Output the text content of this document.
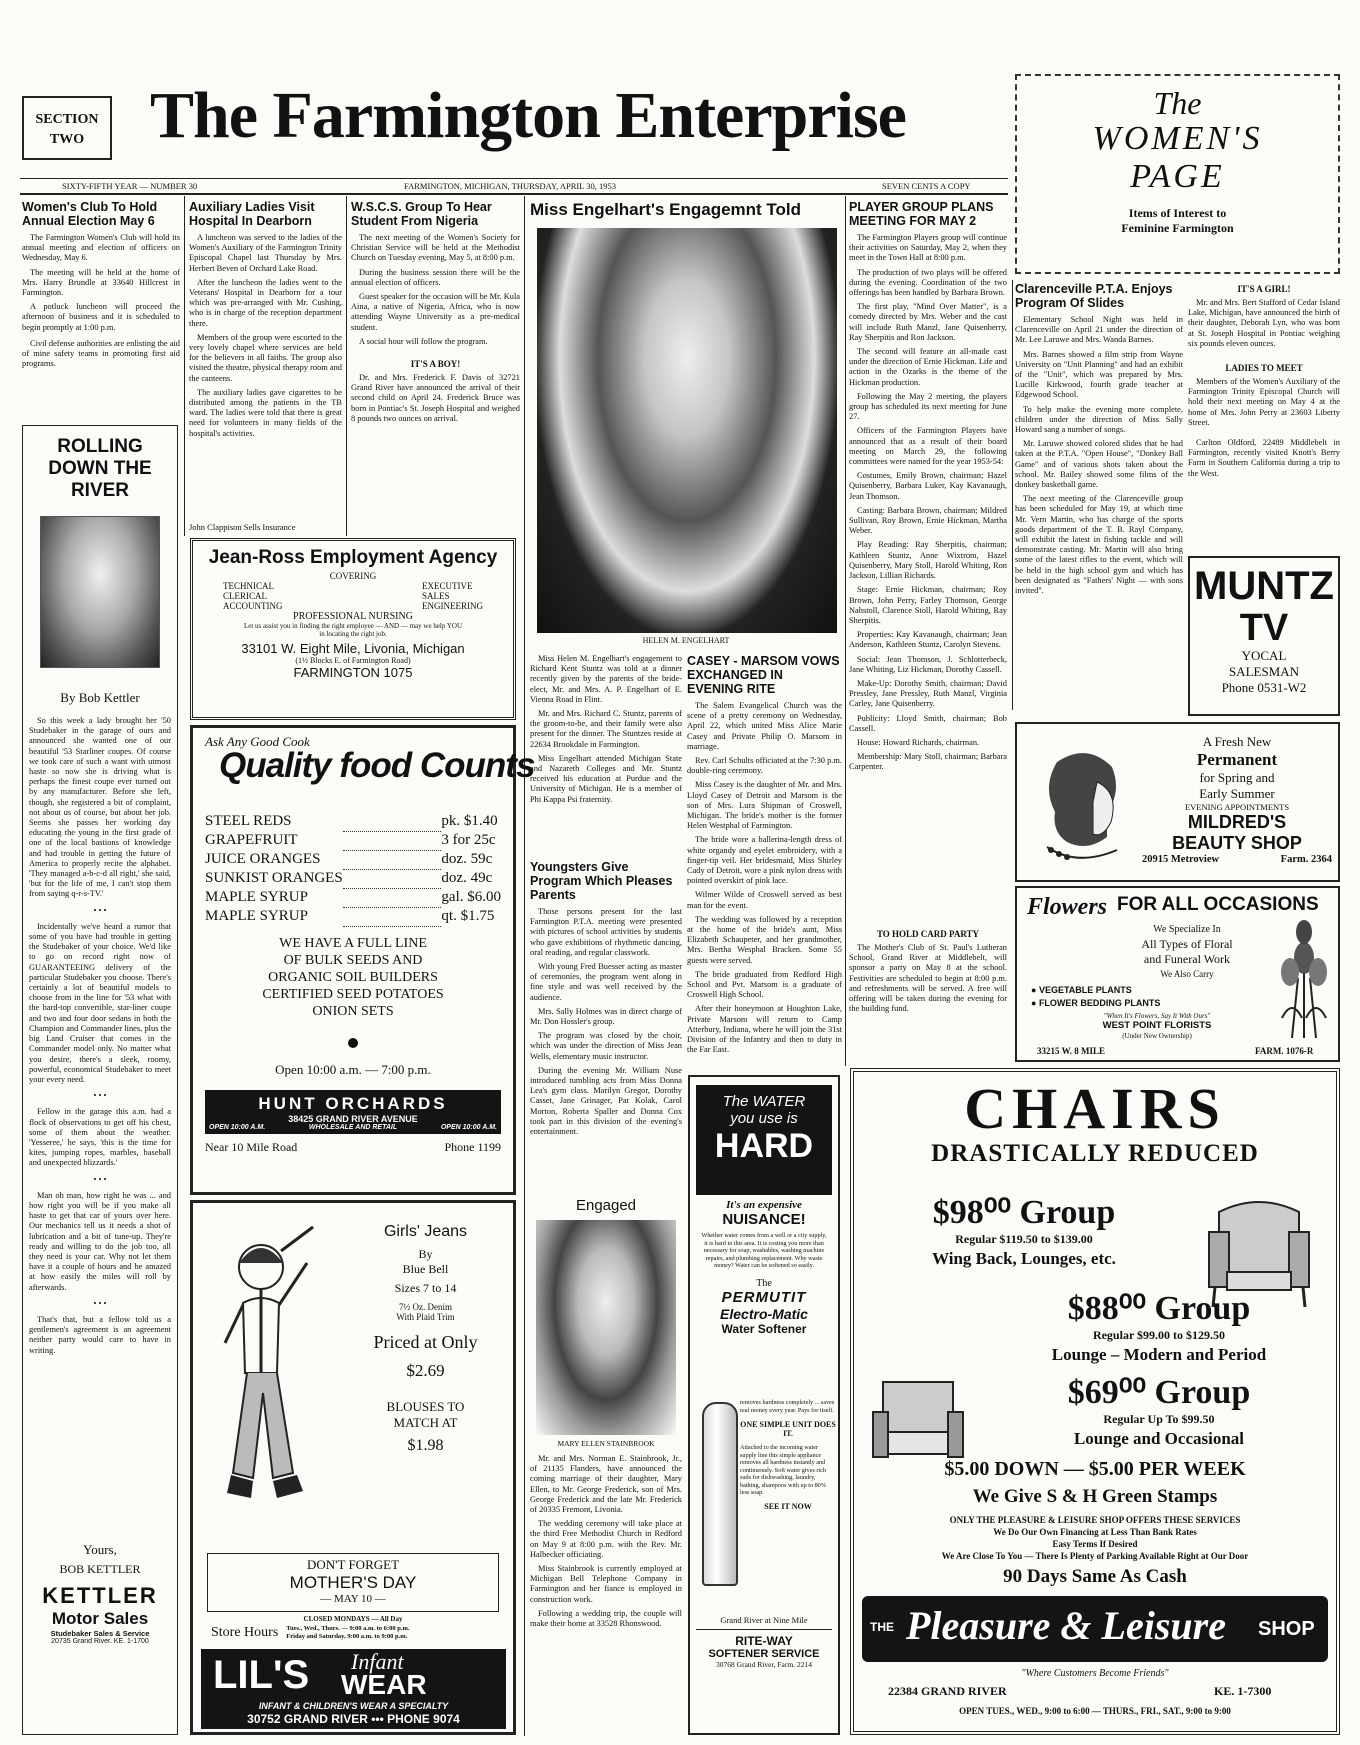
SECTION
TWO The Farmington Enterprise
SIXTY-FIFTH YEAR — NUMBER 30	FARMINGTON, MICHIGAN, THURSDAY, APRIL 30, 1953	SEVEN CENTS A COPY
The
WOMEN'S
PAGE
Items of Interest to
Feminine Farmington
Women's Club To Hold Annual Election May 6

The Farmington Women's Club will hold its annual meeting and election of officers on Wednesday, May 6.

The meeting will be held at the home of Mrs. Harry Brundle at 33640 Hillcrest in Farmington.

A potluck luncheon will proceed the afternoon of business and it is scheduled to begin promptly at 1:00 p.m.

Civil defense authorities are enlisting the aid of mine safety teams in promoting first aid programs.

ROLLING
DOWN THE
RIVER
By Bob Kettler

So this week a lady brought her '50 Studebaker in the garage of ours and announced she wanted one of our beautiful '53 Starliner coupes. Of course we took care of such a want with utmost haste so now she is driving what is perhaps the finest coupe ever turned out by any manufacturer. Before she left, though, she registered a bit of complaint, not about us of course, but about her job. Seems she passes her working day educating the young in the first grade of one of the local bastions of knowledge and had trouble in getting the future of America to properly recite the alphabet. 'They managed a-b-c-d all right,' she said, 'but for the life of me, I can't stop them from saying q-r-s-TV.'

• • •

Incidentally we've heard a rumor that some of you have had trouble in getting the Studebaker of your choice. We'd like to go on record right now of GUARANTEEING delivery of the particular Studebaker you choose. There's certainly a lot of beautiful models to choose from in the line for '53 what with the hard-top convertible, star-liner coupe and two and four door sedans in both the Champion and Commander lines, plus the big Land Cruiser that comes in the Commander model only. No matter what you desire, there's a sleek, roomy, powerful, economical Studebaker to meet your every need.

• • •

Fellow in the garage this a.m. had a flock of observations to get off his chest, some of them about the weather. 'Yesseree,' he says, 'this is the time for kites, jumping ropes, marbles, baseball and unexpected blizzards.'

• • •

Man oh man, how right he was ... and how right you will be if you make all haste to get that car of yours over here. Our mechanics tell us it needs a shot of lubrication and a bit of tune-up. They're ready and willing to do the job too, all they need is your car. Why not let them have it a couple of hours and be amazed at how easily the miles will roll by afterwards.

• • •

That's that, but a fellow told us a gentlemen's agreement is an agreement neither party would care to have in writing.

Yours,
BOB KETTLER
KETTLER
Motor Sales
Studebaker Sales & Service
20735 Grand River. KE. 1-1700
Auxiliary Ladies Visit Hospital In Dearborn

A luncheon was served to the ladies of the Women's Auxiliary of the Farmington Trinity Episcopal Chapel last Thursday by Mrs. Herbert Beven of Orchard Lake Road.

After the luncheon the ladies went to the Veterans' Hospital in Dearborn for a tour which was pre-arranged with Mr. Cushing, who is in charge of the reception department there.

Members of the group were escorted to the very lovely chapel where services are held for the believers in all faiths. The group also visited the theatre, physical therapy room and the canteens.

The auxiliary ladies gave cigarettes to be distributed among the patients in the TB ward. The ladies were told that there is great need for volunteers in many fields of the hospital's activities.

John Clappison Sells Insurance
W.S.C.S. Group To Hear Student From Nigeria

The next meeting of the Women's Society for Christian Service will be held at the Methodist Church on Tuesday evening, May 5, at 8:00 p.m.

During the business session there will be the annual election of officers.

Guest speaker for the occasion will be Mr. Kula Aina, a native of Nigeria, Africa, who is now attending Wayne University as a pre-medical student.

A social hour will follow the program.

IT'S A BOY!

Dr. and Mrs. Frederick F. Davis of 32721 Grand River have announced the arrival of their second child on April 24. Frederick Bruce was born in Pontiac's St. Joseph Hospital and weighed 8 pounds two ounces on arrival.

Jean-Ross Employment Agency
COVERING
TECHNICAL
CLERICAL
ACCOUNTING
EXECUTIVE
SALES
ENGINEERING
PROFESSIONAL NURSING
Let us assist you in finding the right employee — AND — may we help YOU in locating the right job.
33101 W. Eight Mile, Livonia, Michigan
(1½ Blocks E. of Farmington Road)
FARMINGTON 1075
Ask Any Good Cook
Quality food Counts
STEEL REDS		pk. $1.40
GRAPEFRUIT		3 for 25c
JUICE ORANGES		doz. 59c
SUNKIST ORANGES		doz. 49c
MAPLE SYRUP		gal. $6.00
MAPLE SYRUP		qt. $1.75
WE HAVE A FULL LINE
OF BULK SEEDS AND
ORGANIC SOIL BUILDERS
CERTIFIED SEED POTATOES
ONION SETS
Open 10:00 a.m. — 7:00 p.m.
HUNT ORCHARDS
38425 GRAND RIVER AVENUE
OPEN 10:00 A.M.	WHOLESALE AND RETAIL	OPEN 10:00 A.M.
Near 10 Mile Road	Phone 1199
Girls' Jeans
By
Blue Bell
Sizes 7 to 14
7½ Oz. Denim
With Plaid Trim
Priced at Only
$2.69
BLOUSES TO MATCH AT
$1.98
DON'T FORGET
MOTHER'S DAY
— MAY 10 —
CLOSED MONDAYS — All Day
Store Hours Tues., Wed., Thurs. — 9:00 a.m. to 6:00 p.m.
Friday and Saturday, 9:00 a.m. to 9:00 p.m.
LIL'S Infant
WEAR
INFANT & CHILDREN'S WEAR A SPECIALTY
30752 GRAND RIVER ••• PHONE 9074
Miss Engelhart's Engagemnt Told
HELEN M. ENGELHART

Miss Helen M. Engelhart's engagement to Richard Kent Stuntz was told at a dinner recently given by the parents of the bride-elect, Mr. and Mrs. A. P. Engelhart of E. Vienna Road in Flint.

Mr. and Mrs. Richard C. Stuntz, parents of the groom-to-be, and their family were also present for the dinner. The Stuntzes reside at 22634 Brookdale in Farmington.

Miss Engelhart attended Michigan State and Nazareth Colleges and Mr. Stuntz received his education at Purdue and the University of Michigan. He is a member of Phi Kappa Psi fraternity.

Youngsters Give Program Which Pleases Parents

Those persons present for the last Farmington P.T.A. meeting were presented with pictures of school activities by students who gave exhibitions of rhythmetic dancing, oral reading, and regular classwork.

With young Fred Buesser acting as master of ceremonies, the program went along in fine style and was well received by the audience.

Mrs. Sally Holmes was in direct charge of Mr. Don Hossler's group.

The program was closed by the choir, which was under the direction of Miss Jean Wells, elementary music instructor.

During the evening Mr. William Nuse introduced tumbling acts from Miss Donna Lea's gym class. Marilyn Gregor, Dorothy Casset, Jane Grinager, Pat Kolak, Carol Morton, Roberta Spaller and Donna Cox took part in this division of the evening's entertainment.

Engaged
MARY ELLEN STAINBROOK

Mr. and Mrs. Norman E. Stainbrook, Jr., of 21135 Flanders, have announced the coming marriage of their daughter, Mary Ellen, to Mr. George Frederick, son of Mrs. George Frederick and the late Mr. Frederick of 20335 Fremont, Livonia.

The wedding ceremony will take place at the third Free Methodist Church in Redford on May 9 at 8:00 p.m. with the Rev. Mr. Halbecker officiating.

Miss Stainbrook is currently employed at Michigan Bell Telephone Company in Farmington and her fiance is employed in construction work.

Following a wedding trip, the couple will make their home at 33528 Rhonswood.

CASEY - MARSOM VOWS EXCHANGED IN EVENING RITE

The Salem Evangelical Church was the scene of a pretty ceremony on Wednesday, April 22, which united Miss Alice Marie Casey and Private Philip O. Marsom in marriage.

Rev. Carl Schults officiated at the 7:30 p.m. double-ring ceremony.

Miss Casey is the daughter of Mr. and Mrs. Lloyd Casey of Detroit and Marsom is the son of Mrs. Lura Shipman of Croswell, Michigan. The bride's mother is the former Helen Westphal of Farmington.

The bride wore a ballerina-length dress of white organdy and eyelet embroidery, with a finger-tip veil. Her bridesmaid, Miss Shirley Cady of Detroit, wore a pink nylon dress with pointed overskirt of pink lace.

Wilmer Wilde of Croswell served as best man for the event.

The wedding was followed by a reception at the home of the bride's aunt, Miss Elizabeth Schaupeter, and her grandmother, Mrs. Bertha Wesphal Bracken. Some 55 guests were served.

The bride graduated from Redford High School and Pvt. Marsom is a graduate of Croswell High School.

After their honeymoon at Houghton Lake, Private Marsom will return to Camp Atterbury, Indiana, where he will join the 31st Division of the Infantry and then to duty in the Far East.

The WATER
you use is
HARD
It's an expensive
NUISANCE!
Whether water comes from a well or a city supply, it is hard in this area. It is costing you more than necessary for soap, washables, washing machine repairs, and plumbing replacement. Why waste money? Water can be softened so easily.
The
PERMUTIT
Electro-Matic
Water Softener
removes hardness completely ... saves real money every year. Pays for itself.
ONE SIMPLE UNIT DOES IT.
Attached to the incoming water supply line this simple appliance removes all hardness instantly and continuously. Soft water gives rich suds for dishwashing, laundry, bathing, shampoos with up to 80% less soap.
SEE IT NOW
Grand River at Nine Mile
RITE-WAY
SOFTENER SERVICE
30768 Grand River, Farm. 2214
PLAYER GROUP PLANS MEETING FOR MAY 2

The Farmington Players group will continue their activities on Saturday, May 2, when they meet in the Town Hall at 8:00 p.m.

The production of two plays will be offered during the evening. Coordination of the two offerings has been handled by Barbara Brown.

The first play, "Mind Over Matter", is a comedy directed by Mrs. Weber and the cast will include Ruth Manzl, Jane Quisenberry, Ray Sherpitis and Ron Jackson.

The second will feature an all-made cast under the direction of Ernie Hickman. Life and action in the Ozarks is the theme of the Hickman production.

Following the May 2 meeting, the players group has scheduled its next meeting for June 27.

Officers of the Farmington Players have announced that as a result of their board meeting on March 29, the following committees were named for the year 1953-54:

Costumes, Emily Brown, chairman; Hazel Quisenberry, Barbara Luker, Kay Kavanaugh, Jean Thomson.

Casting: Barbara Brown, chairman; Mildred Sullivan, Roy Brown, Ernie Hickman, Martha Weber.

Play Reading: Ray Sherpitis, chairman; Kathleen Stuntz, Anne Wixtrom, Hazel Quisenberry, Mary Stoll, Harold Whiting, Ron Jackson, Lillian Richards.

Stage: Ernie Hickman, chairman; Roy Brown, John Perry, Farley Thomson, George Nahstoll, Clarence Stoll, Harold Whiting, Ray Sherpitis.

Properties: Kay Kavanaugh, chairman; Jean Anderson, Kathleen Stuntz, Carolyn Stevens.

Social: Jean Thomson, J. Schlotterbeck, Jane Whiting, Liz Hickman, Dorothy Cassell.

Make-Up: Dorothy Smith, chairman; David Pressley, Jane Pressley, Ruth Manzl, Virginia Carley, Jane Quisenberry.

Publicity: Lloyd Smith, chairman; Bob Cassell.

House: Howard Richards, chairman.

Membership: Mary Stoll, chairman; Barbara Carpenter.

TO HOLD CARD PARTY

The Mother's Club of St. Paul's Lutheran School, Grand River at Middlebelt, will sponsor a party on May 8 at the school. Festivities are scheduled to begin at 8:00 p.m. and refreshments will be served. A free will offering will be taken during the evening for the building fund.

Clarenceville P.T.A. Enjoys Program Of Slides

Elementary School Night was held in Clarenceville on April 21 under the direction of Mr. Lee Laruwe and Mrs. Wanda Barnes.

Mrs. Barnes showed a film strip from Wayne University on "Unit Planning" and had an exhibit of the "Unit", which was prepared by Mrs. Lucille Kirkwood, fourth grade teacher at Edgewood School.

To help make the evening more complete, children under the direction of Miss Sally Howard sang a number of songs.

Mr. Laruwe showed colored slides that he had taken at the P.T.A. "Open House", "Donkey Ball Game" and of various shots taken about the school. Mr. Bailey showed some films of the donkey basketball game.

The next meeting of the Clarenceville group has been scheduled for May 19, at which time Mr. Vern Martin, who has charge of the sports goods department of the T. B. Rayl Company, will exhibit the latest in fishing tackle and will demonstrate casting. Mr. Martin will also bring some of the latest rifles to the event, which will be held in the high school gym and which has been designated as "Fathers' Night — with sons invited".

IT'S A GIRL!

Mr. and Mrs. Bert Stafford of Cedar Island Lake, Michigan, have announced the birth of their daughter, Deborah Lyn, who was born at St. Joseph Hospital in Pontiac weighing six pounds eleven ounces.

LADIES TO MEET

Members of the Women's Auxiliary of the Farmington Trinity Episcopal Church will hold their next meeting on May 4 at the home of Mrs. John Perry at 23603 Liberty Street.

Carlton Oldford, 22489 Middlebelt in Farmington, recently visited Knott's Berry Farm in Southern California during a trip to the West.

MUNTZ
TV
YOCAL
SALESMAN
Phone 0531-W2
A Fresh New
Permanent
for Spring and
Early Summer
EVENING APPOINTMENTS
MILDRED'S
BEAUTY SHOP
20915 Metroview	Farm. 2364
Flowers FOR ALL OCCASIONS
We Specialize In
All Types of Floral
and Funeral Work
We Also Carry
● VEGETABLE PLANTS
● FLOWER BEDDING PLANTS
"When It's Flowers, Say It With Ours"
WEST POINT FLORISTS
(Under New Ownership)
33215 W. 8 MILE	FARM. 1076-R
CHAIRS
DRASTICALLY REDUCED
$98⁰⁰ Group
Regular $119.50 to $139.00
Wing Back, Lounges, etc.
$88⁰⁰ Group
Regular $99.00 to $129.50
Lounge – Modern and Period
$69⁰⁰ Group
Regular Up To $99.50
Lounge and Occasional
$5.00 DOWN — $5.00 PER WEEK
We Give S & H Green Stamps
ONLY THE PLEASURE & LEISURE SHOP OFFERS THESE SERVICES
We Do Our Own Financing at Less Than Bank Rates
Easy Terms If Desired
We Are Close To You — There Is Plenty of Parking Available Right at Our Door
90 Days Same As Cash
THE Pleasure & Leisure SHOP
"Where Customers Become Friends"
22384 GRAND RIVER	KE. 1-7300
OPEN TUES., WED., 9:00 to 6:00 — THURS., FRI., SAT., 9:00 to 9:00
